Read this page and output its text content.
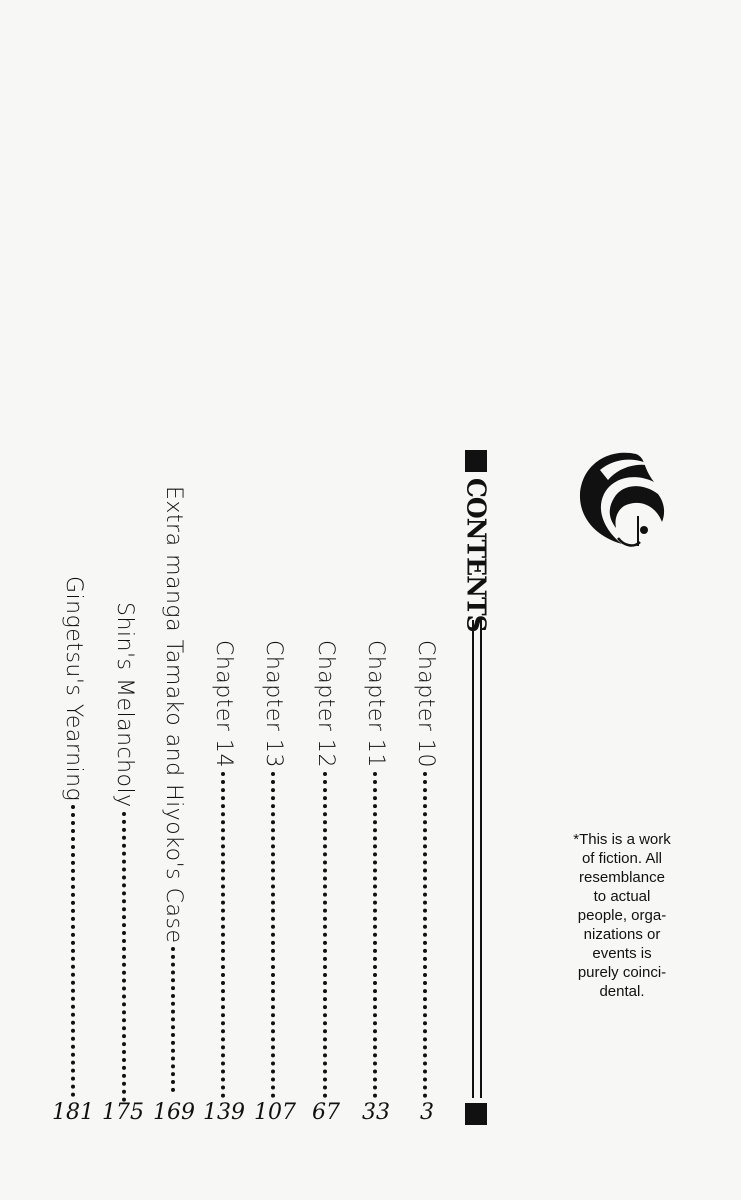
CONTENTS
Chapter 10
3
Chapter 11
33
Chapter 12
67
Chapter 13
107
Chapter 14
139
Extra manga Tamako and Hiyoko's Case
169
Shin's Melancholy
175
Gingetsu's Yearning
181
*This is a work
of fiction. All
resemblance
to actual
people, orga-
nizations or
events is
purely coinci-
dental.
